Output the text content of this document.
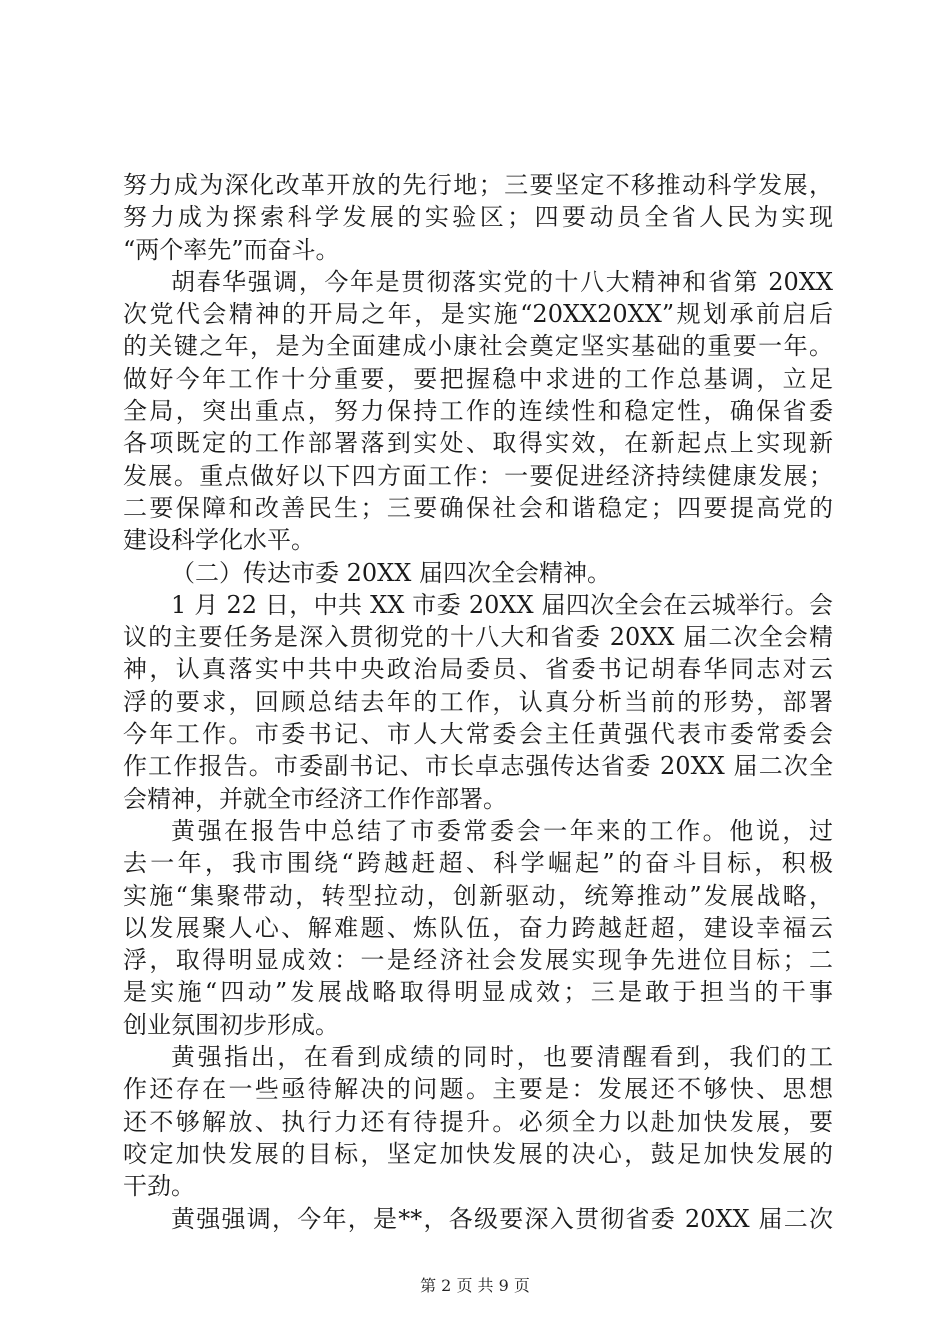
努力成为深化改革开放的先行地；三要坚定不移推动科学发展，
努力成为探索科学发展的实验区；四要动员全省人民为实现
“两个率先”而奋斗。
胡春华强调，今年是贯彻落实党的十八大精神和省第 20XX
次党代会精神的开局之年，是实施“20XX20XX”规划承前启后
的关键之年，是为全面建成小康社会奠定坚实基础的重要一年。
做好今年工作十分重要，要把握稳中求进的工作总基调，立足
全局，突出重点，努力保持工作的连续性和稳定性，确保省委
各项既定的工作部署落到实处、取得实效，在新起点上实现新
发展。重点做好以下四方面工作：一要促进经济持续健康发展；
二要保障和改善民生；三要确保社会和谐稳定；四要提高党的
建设科学化水平。
（二）传达市委 20XX 届四次全会精神。
1 月 22 日，中共 XX 市委 20XX 届四次全会在云城举行。会
议的主要任务是深入贯彻党的十八大和省委 20XX 届二次全会精
神，认真落实中共中央政治局委员、省委书记胡春华同志对云
浮的要求，回顾总结去年的工作，认真分析当前的形势，部署
今年工作。市委书记、市人大常委会主任黄强代表市委常委会
作工作报告。市委副书记、市长卓志强传达省委 20XX 届二次全
会精神，并就全市经济工作作部署。
黄强在报告中总结了市委常委会一年来的工作。他说，过
去一年，我市围绕“跨越赶超、科学崛起”的奋斗目标，积极
实施“集聚带动，转型拉动，创新驱动，统筹推动”发展战略，
以发展聚人心、解难题、炼队伍，奋力跨越赶超，建设幸福云
浮，取得明显成效：一是经济社会发展实现争先进位目标；二
是实施“四动”发展战略取得明显成效；三是敢于担当的干事
创业氛围初步形成。
黄强指出，在看到成绩的同时，也要清醒看到，我们的工
作还存在一些亟待解决的问题。主要是：发展还不够快、思想
还不够解放、执行力还有待提升。必须全力以赴加快发展，要
咬定加快发展的目标，坚定加快发展的决心，鼓足加快发展的
干劲。
黄强强调，今年，是**，各级要深入贯彻省委 20XX 届二次
第 2 页 共 9 页
